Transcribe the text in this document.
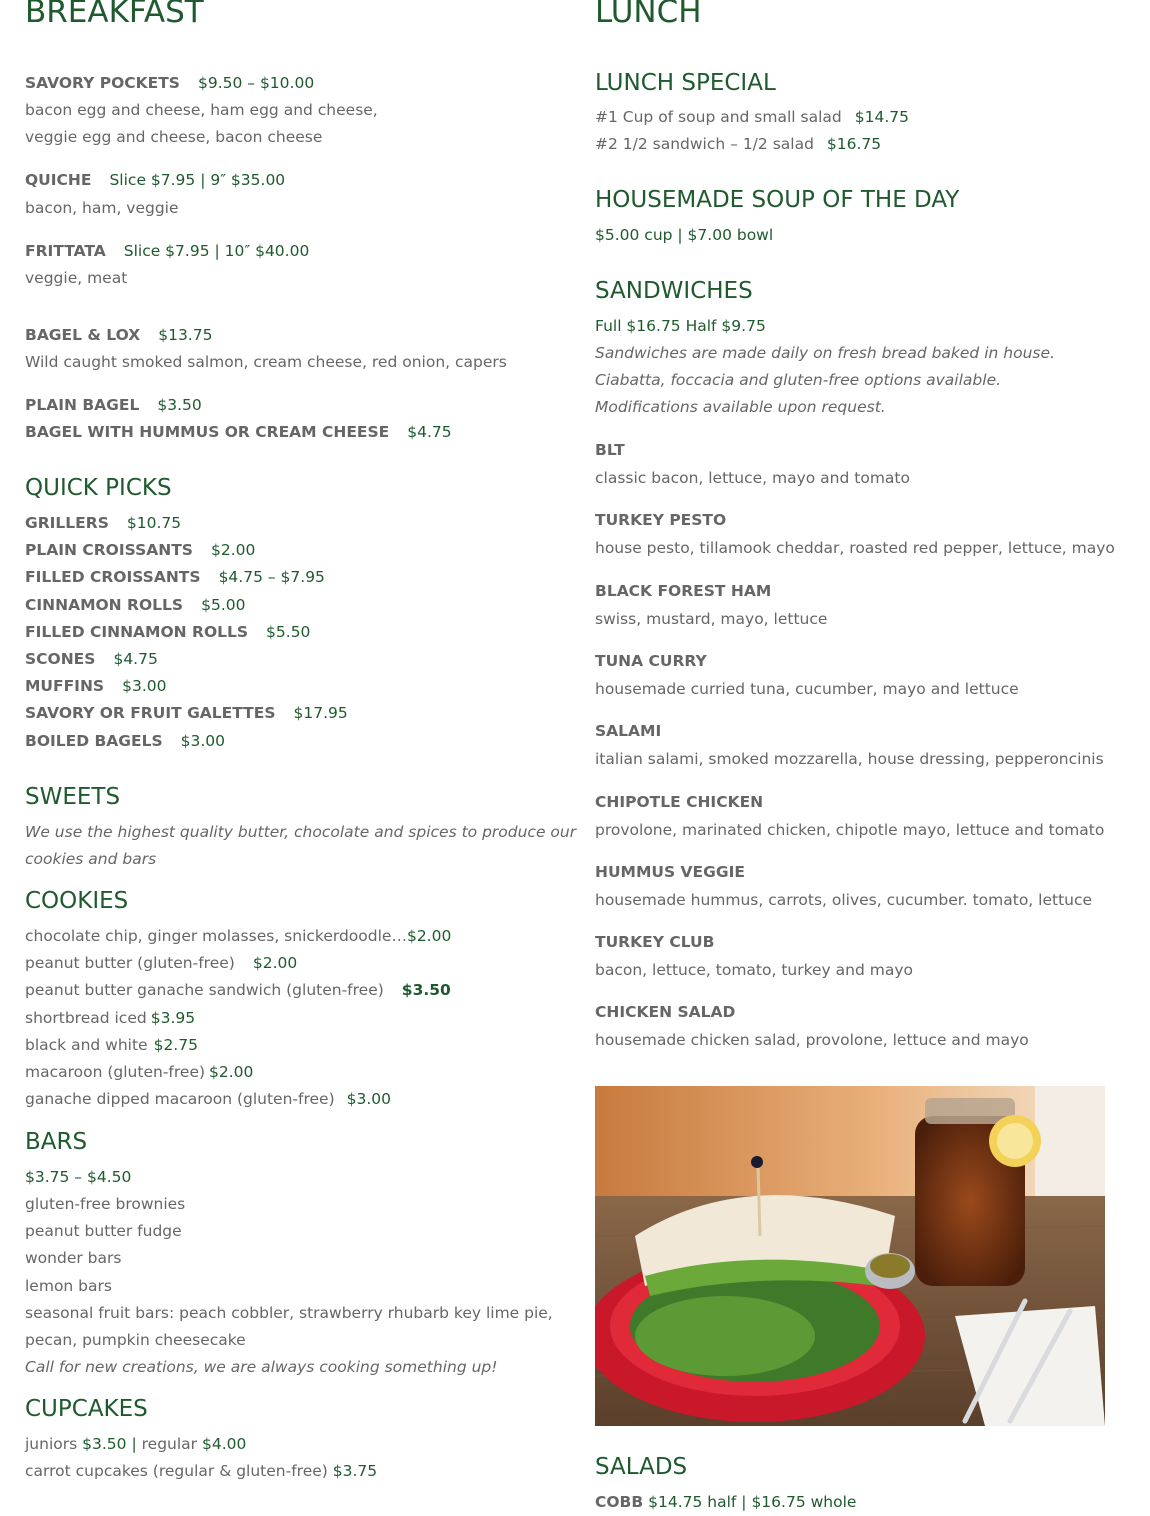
BREAKFAST
SAVORY POCKETS $9.50 – $10.00
bacon egg and cheese, ham egg and cheese,
veggie egg and cheese, bacon cheese
QUICHE Slice $7.95 | 9″ $35.00
bacon, ham, veggie
FRITTATA Slice $7.95 | 10″ $40.00
veggie, meat
BAGEL & LOX $13.75
Wild caught smoked salmon, cream cheese, red onion, capers
PLAIN BAGEL $3.50
BAGEL WITH HUMMUS OR CREAM CHEESE $4.75
QUICK PICKS
GRILLERS $10.75
PLAIN CROISSANTS $2.00
FILLED CROISSANTS $4.75 – $7.95
CINNAMON ROLLS $5.00
FILLED CINNAMON ROLLS $5.50
SCONES $4.75
MUFFINS $3.00
SAVORY OR FRUIT GALETTES $17.95
BOILED BAGELS $3.00
SWEETS
We use the highest quality butter, chocolate and spices to produce our
cookies and bars
COOKIES
chocolate chip, ginger molasses, snickerdoodle…$2.00
peanut butter (gluten-free) $2.00
peanut butter ganache sandwich (gluten-free) $3.50
shortbread iced $3.95
black and white $2.75
macaroon (gluten-free) $2.00
ganache dipped macaroon (gluten-free) $3.00
BARS
$3.75 – $4.50
gluten-free brownies
peanut butter fudge
wonder bars
lemon bars
seasonal fruit bars: peach cobbler, strawberry rhubarb key lime pie,
pecan, pumpkin cheesecake
Call for new creations, we are always cooking something up!
CUPCAKES
juniors $3.50 | regular $4.00
carrot cupcakes (regular & gluten-free) $3.75
LUNCH
LUNCH SPECIAL
#1 Cup of soup and small salad $14.75
#2 1/2 sandwich – 1/2 salad $16.75
HOUSEMADE SOUP OF THE DAY
$5.00 cup | $7.00 bowl
SANDWICHES
Full $16.75 Half $9.75
Sandwiches are made daily on fresh bread baked in house.
Ciabatta, foccacia and gluten-free options available.
Modifications available upon request.
BLT
classic bacon, lettuce, mayo and tomato
TURKEY PESTO
house pesto, tillamook cheddar, roasted red pepper, lettuce, mayo
BLACK FOREST HAM
swiss, mustard, mayo, lettuce
TUNA CURRY
housemade curried tuna, cucumber, mayo and lettuce
SALAMI
italian salami, smoked mozzarella, house dressing, pepperoncinis
CHIPOTLE CHICKEN
provolone, marinated chicken, chipotle mayo, lettuce and tomato
HUMMUS VEGGIE
housemade hummus, carrots, olives, cucumber. tomato, lettuce
TURKEY CLUB
bacon, lettuce, tomato, turkey and mayo
CHICKEN SALAD
housemade chicken salad, provolone, lettuce and mayo
SALADS
COBB $14.75 half | $16.75 whole
